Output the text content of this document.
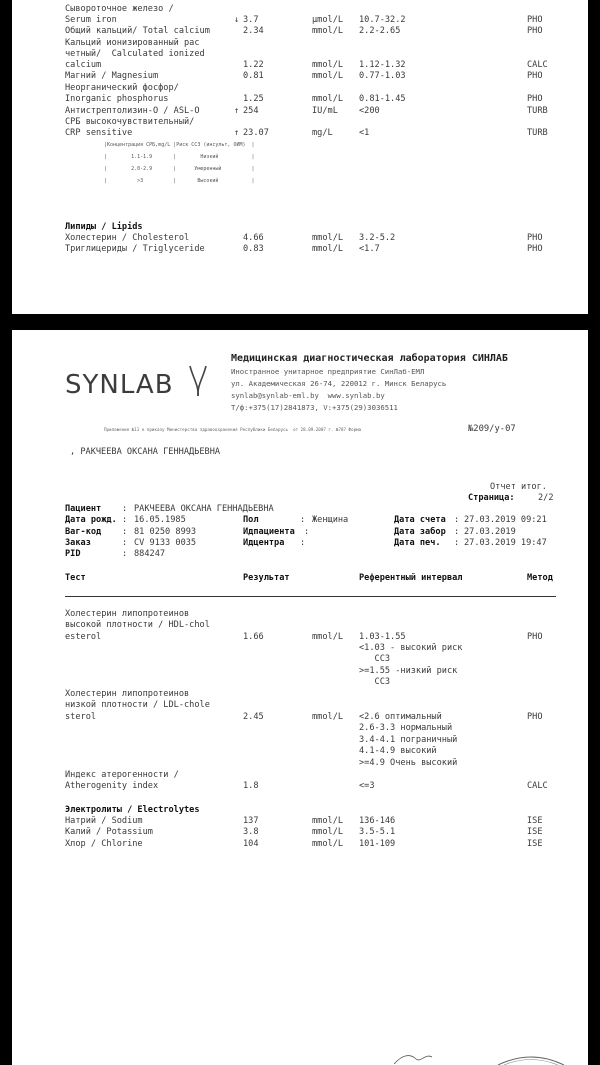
Сывороточное железо /
Serum iron	↓ 3.7	µmol/L 10.7-32.2	PHO
Общий кальций/ Total calcium	2.34	mmol/L 2.2-2.65	PHO
Кальций ионизированный рас
четный/  Calculated ionized
calcium	1.22	mmol/L 1.12-1.32	CALC
Магний / Magnesium	0.81	mmol/L 0.77-1.03	PHO
Неорганический фосфор/
Inorganic phosphorus	1.25	mmol/L 0.81-1.45	PHO
Антистрептолизин-О / ASL-O	↑ 254	IU/mL <200	TURB
СРБ высокочувствительный/
CRP sensitive	↑ 23.07	mg/L	<1	TURB
|Концентрация СРБ,mg/L |Риск ССЗ (инсульт, ОИМ)  |
|        1.1-1.9       |        Низкий           |
|        2.0-2.9       |      Умеренный          |
|          >3          |       Высокий           |
Липиды / Lipids
Холестерин / Cholesterol	4.66	mmol/L 3.2-5.2	PHO
Триглицериды / Triglyceride	0.83	mmol/L <1.7	PHO
SYNLAB
Медицинская диагностическая лаборатория СИНЛАБ
Иностранное унитарное предприятие СинЛаб-ЕМЛ
ул. Академическая 26-74, 220012 г. Минск Беларусь
synlab@synlab-eml.by  www.synlab.by
Т/ф:+375(17)2841873, V:+375(29)3036511
Приложение №11 к приказу Министерства здравоохранения Республики Беларусь  от 28.09.2007 г. №787 Форма	№209/у-07
, РАКЧЕЕВА ОКСАНА ГЕННАДЬЕВНА
Отчет итог.
Страница:	2/2
Пациент : РАКЧЕЕВА ОКСАНА ГЕННАДЬЕВНА
Дата рожд. : 16.05.1985	Пол	: Женщина	Дата счета : 27.03.2019 09:21
Ваг-код : 81 0250 8993	Идпациента :	Дата забор : 27.03.2019
Заказ	: CV 9133 0035	Идцентра :	Дата печ. : 27.03.2019 19:47
PID	: 884247
Тест	Результат	Референтный интервал	Метод
Холестерин липопротеинов
высокой плотности / HDL-chol
esterol	1.66	mmol/L 1.03-1.55	PHO
<1.03 - высокий риск
ССЗ
>=1.55 -низкий риск
ССЗ
Холестерин липопротеинов
низкой плотности / LDL-chole
sterol	2.45	mmol/L <2.6 оптимальный	PHO
2.6-3.3 нормальный
3.4-4.1 пограничный
4.1-4.9 высокий
>=4.9 Очень высокий
Индекс атерогенности /
Atherogenity index	1.8	<=3	CALC
Электролиты / Electrolytes
Натрий / Sodium	137	mmol/L 136-146	ISE
Калий / Potassium	3.8	mmol/L 3.5-5.1	ISE
Хлор / Chlorine	104	mmol/L 101-109	ISE
